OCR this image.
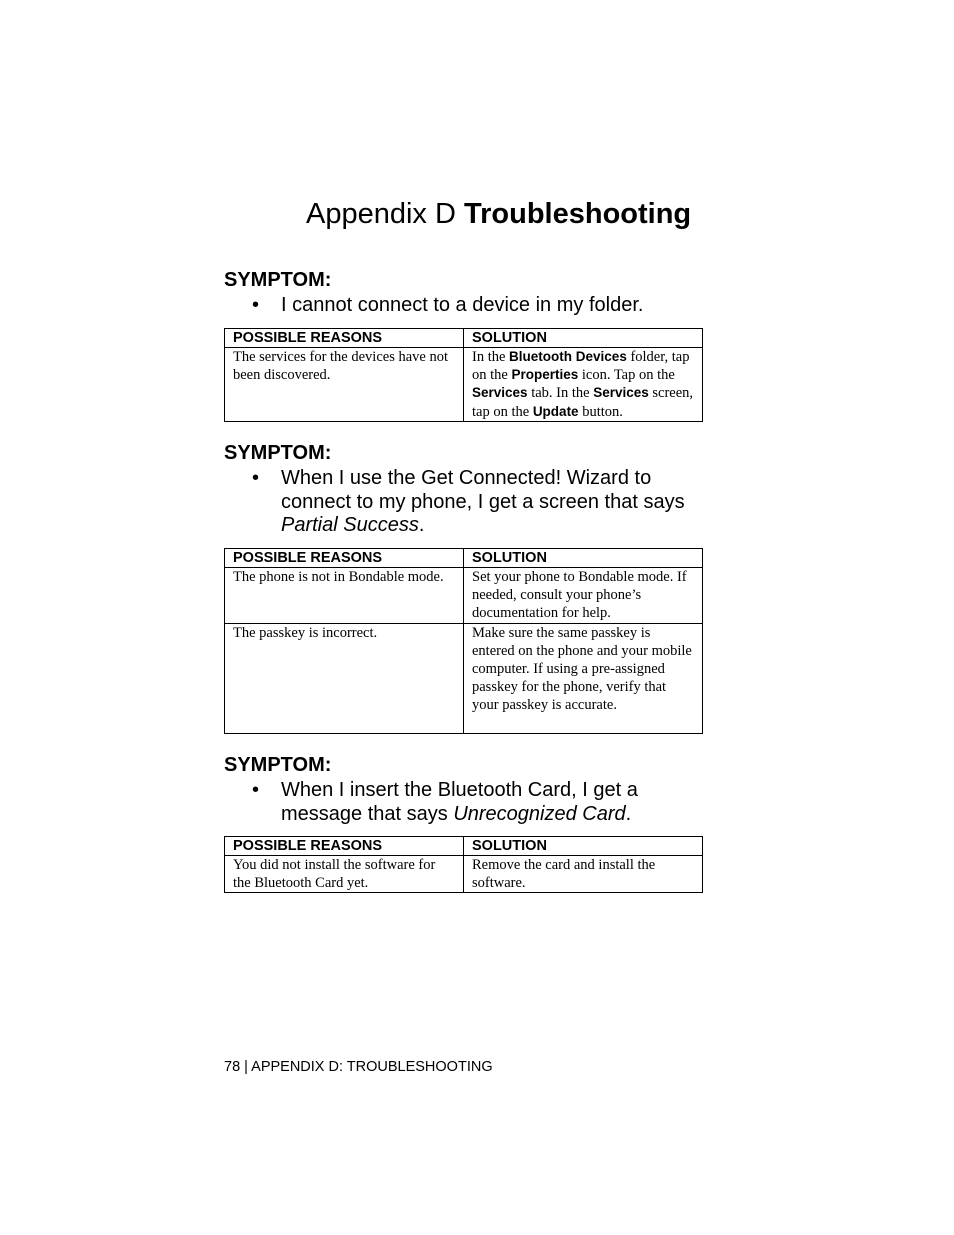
Appendix D Troubleshooting
SYMPTOM:
• I cannot connect to a device in my folder.
POSSIBLE REASONS	SOLUTION
The services for the devices have not been discovered.	In the Bluetooth Devices folder, tap on the Properties icon. Tap on the Services tab. In the Services screen, tap on the Update button.
SYMPTOM:
• When I use the Get Connected! Wizard to connect to my phone, I get a screen that says Partial Success.
POSSIBLE REASONS	SOLUTION
The phone is not in Bondable mode.	Set your phone to Bondable mode. If needed, consult your phone’s documentation for help.
The passkey is incorrect.	Make sure the same passkey is entered on the phone and your mobile computer. If using a pre-assigned passkey for the phone, verify that your passkey is accurate.
SYMPTOM:
• When I insert the Bluetooth Card, I get a message that says Unrecognized Card.
POSSIBLE REASONS	SOLUTION
You did not install the software for the Bluetooth Card yet.	Remove the card and install the software.
78 | APPENDIX D: TROUBLESHOOTING
